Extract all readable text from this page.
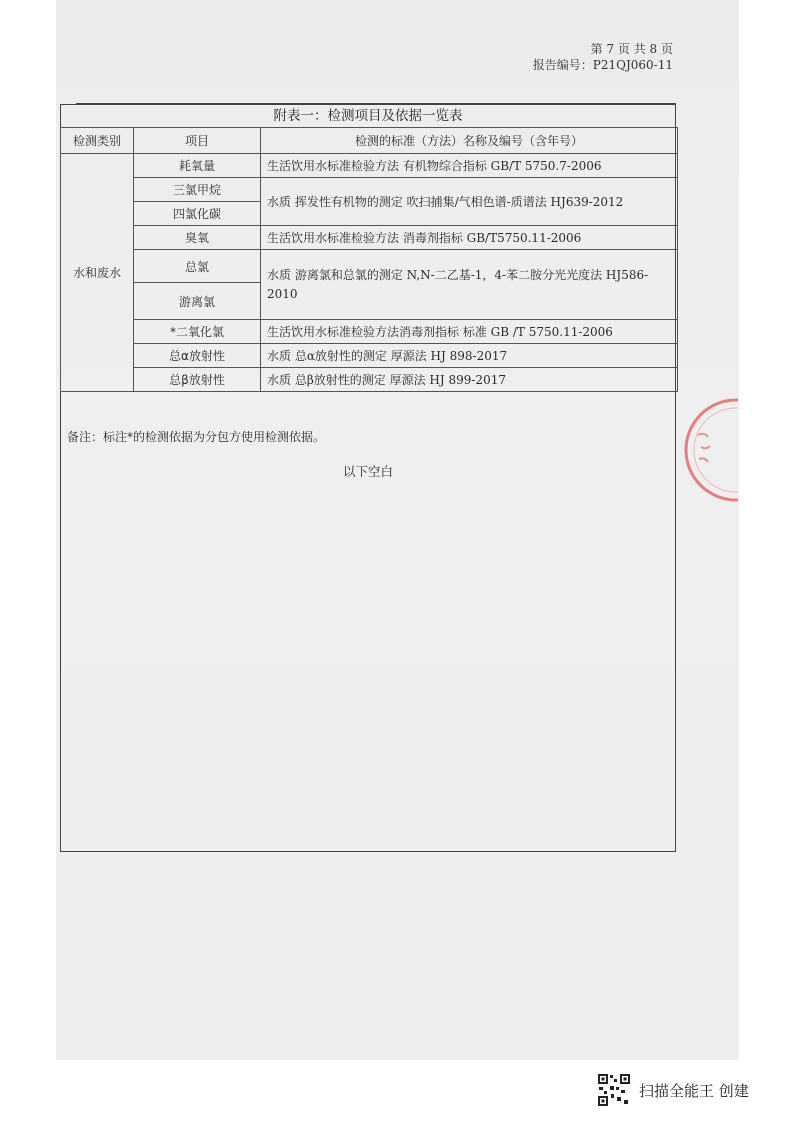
第 7 页 共 8 页
报告编号：P21QJ060-11
附表一：检测项目及依据一览表
检测类别	项目	检测的标准（方法）名称及编号（含年号）
水和废水	耗氧量	生活饮用水标准检验方法 有机物综合指标 GB/T 5750.7-2006
	三氯甲烷	水质 挥发性有机物的测定 吹扫捕集/气相色谱-质谱法 HJ639-2012
	四氯化碳	
	臭氧	生活饮用水标准检验方法 消毒剂指标 GB/T5750.11-2006
	总氯	水质 游离氯和总氯的测定 N,N-二乙基-1，4-苯二胺分光光度法 HJ586-2010
	游离氯	
	*二氧化氯	生活饮用水标准检验方法消毒剂指标 标准 GB /T 5750.11-2006
	总α放射性	水质 总α放射性的测定 厚源法 HJ 898-2017
	总β放射性	水质 总β放射性的测定 厚源法 HJ 899-2017
备注：标注*的检测依据为分包方使用检测依据。
以下空白
扫描全能王 创建
